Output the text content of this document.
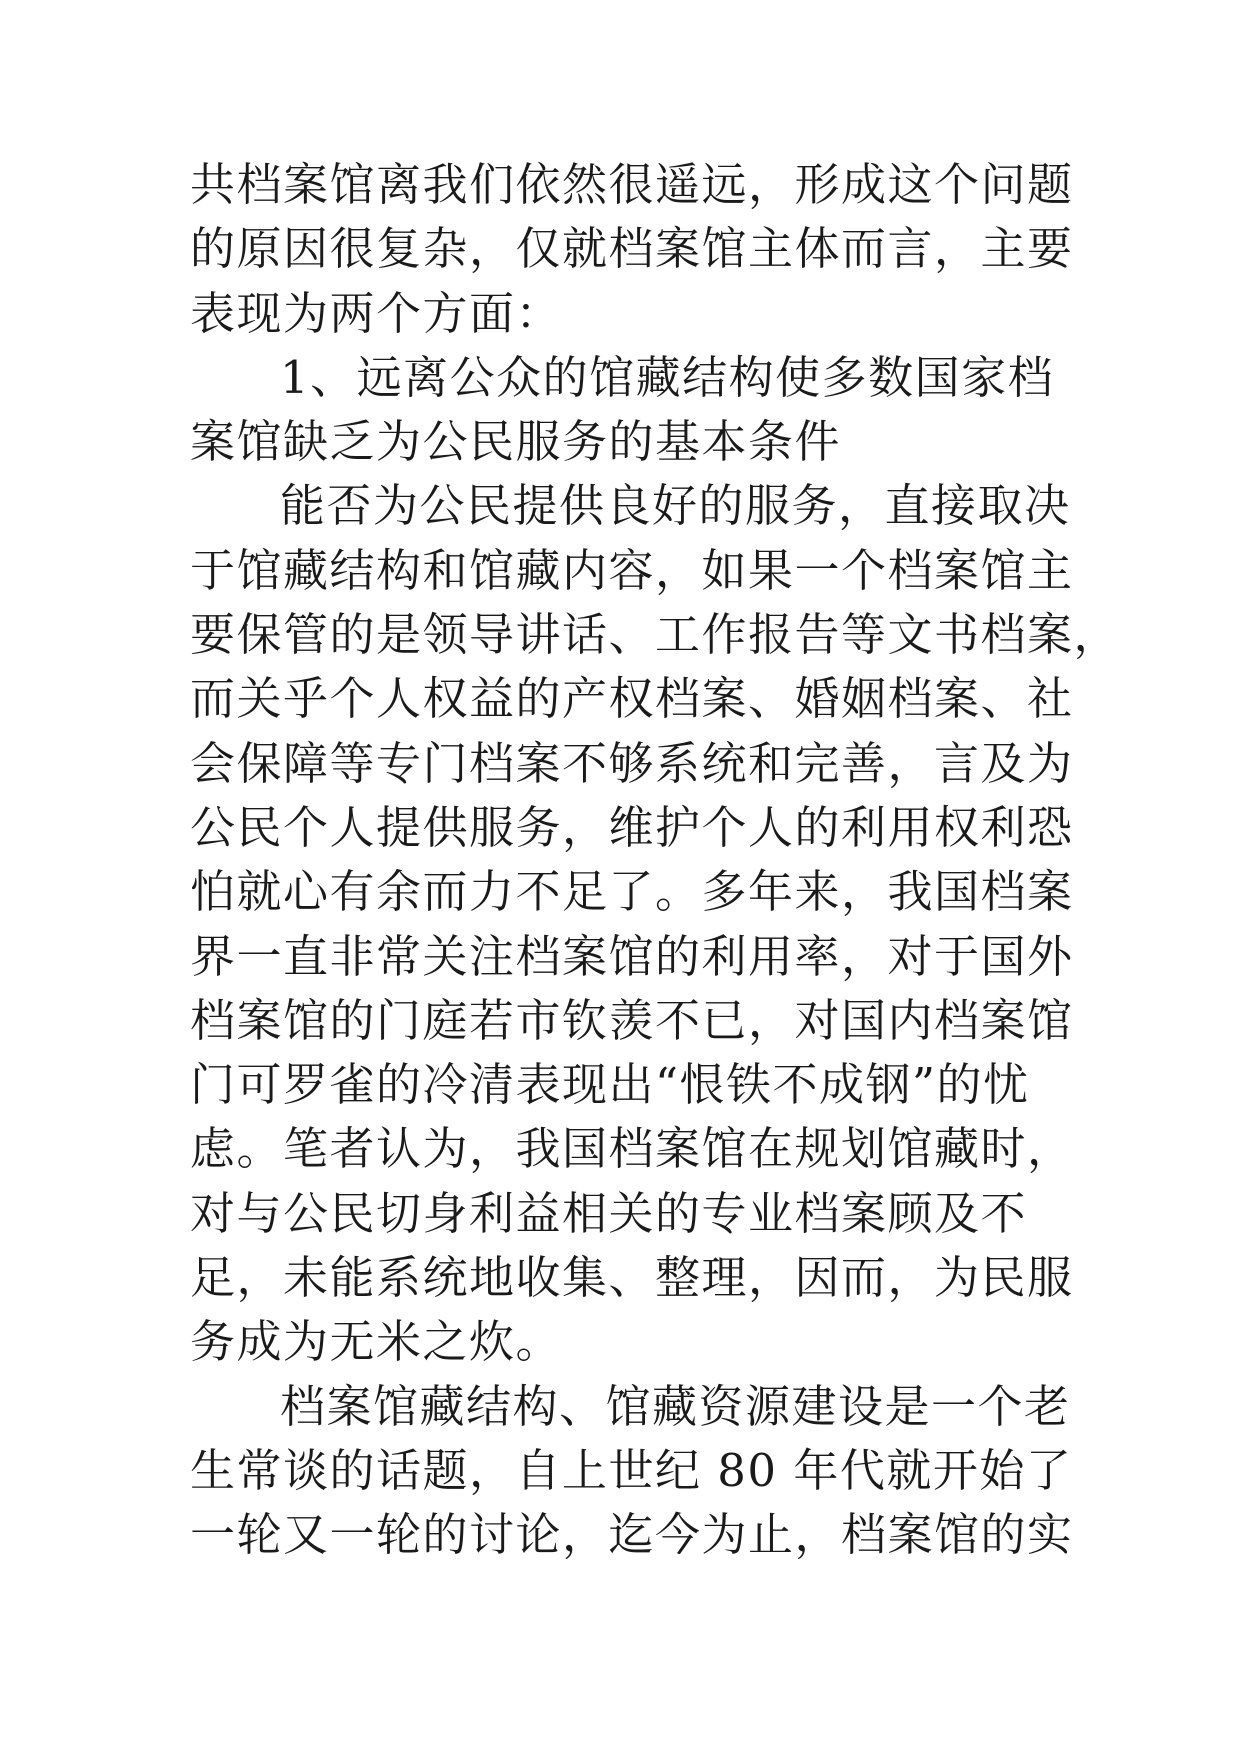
共档案馆离我们依然很遥远，形成这个问题
的原因很复杂，仅就档案馆主体而言，主要
表现为两个方面：
1、远离公众的馆藏结构使多数国家档
案馆缺乏为公民服务的基本条件
能否为公民提供良好的服务，直接取决
于馆藏结构和馆藏内容，如果一个档案馆主
要保管的是领导讲话、工作报告等文书档案，
而关乎个人权益的产权档案、婚姻档案、社
会保障等专门档案不够系统和完善，言及为
公民个人提供服务，维护个人的利用权利恐
怕就心有余而力不足了。多年来，我国档案
界一直非常关注档案馆的利用率，对于国外
档案馆的门庭若市钦羡不已，对国内档案馆
门可罗雀的冷清表现出“恨铁不成钢”的忧
虑。笔者认为，我国档案馆在规划馆藏时，
对与公民切身利益相关的专业档案顾及不
足，未能系统地收集、整理，因而，为民服
务成为无米之炊。
档案馆藏结构、馆藏资源建设是一个老
生常谈的话题，自上世纪 80 年代就开始了
一轮又一轮的讨论，迄今为止，档案馆的实
